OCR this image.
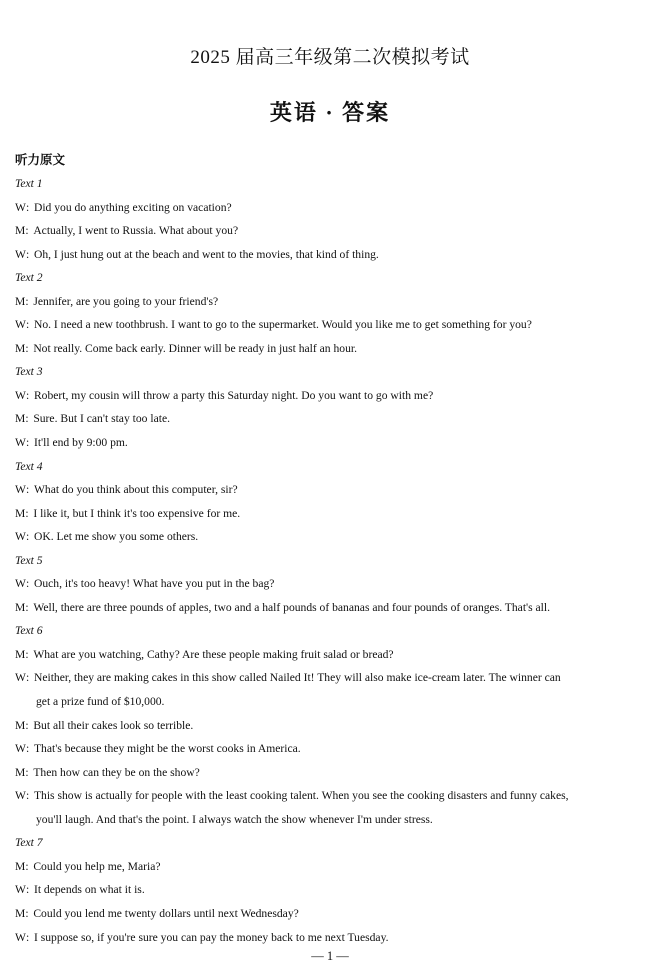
2025 届高三年级第二次模拟考试
英语 · 答案
听力原文
Text 1
W: Did you do anything exciting on vacation?
M: Actually, I went to Russia. What about you?
W: Oh, I just hung out at the beach and went to the movies, that kind of thing.
Text 2
M: Jennifer, are you going to your friend's?
W: No. I need a new toothbrush. I want to go to the supermarket. Would you like me to get something for you?
M: Not really. Come back early. Dinner will be ready in just half an hour.
Text 3
W: Robert, my cousin will throw a party this Saturday night. Do you want to go with me?
M: Sure. But I can't stay too late.
W: It'll end by 9:00 pm.
Text 4
W: What do you think about this computer, sir?
M: I like it, but I think it's too expensive for me.
W: OK. Let me show you some others.
Text 5
W: Ouch, it's too heavy! What have you put in the bag?
M: Well, there are three pounds of apples, two and a half pounds of bananas and four pounds of oranges. That's all.
Text 6
M: What are you watching, Cathy? Are these people making fruit salad or bread?
W: Neither, they are making cakes in this show called Nailed It! They will also make ice-cream later. The winner can
get a prize fund of $10,000.
M: But all their cakes look so terrible.
W: That's because they might be the worst cooks in America.
M: Then how can they be on the show?
W: This show is actually for people with the least cooking talent. When you see the cooking disasters and funny cakes,
you'll laugh. And that's the point. I always watch the show whenever I'm under stress.
Text 7
M: Could you help me, Maria?
W: It depends on what it is.
M: Could you lend me twenty dollars until next Wednesday?
W: I suppose so, if you're sure you can pay the money back to me next Tuesday.
— 1 —
